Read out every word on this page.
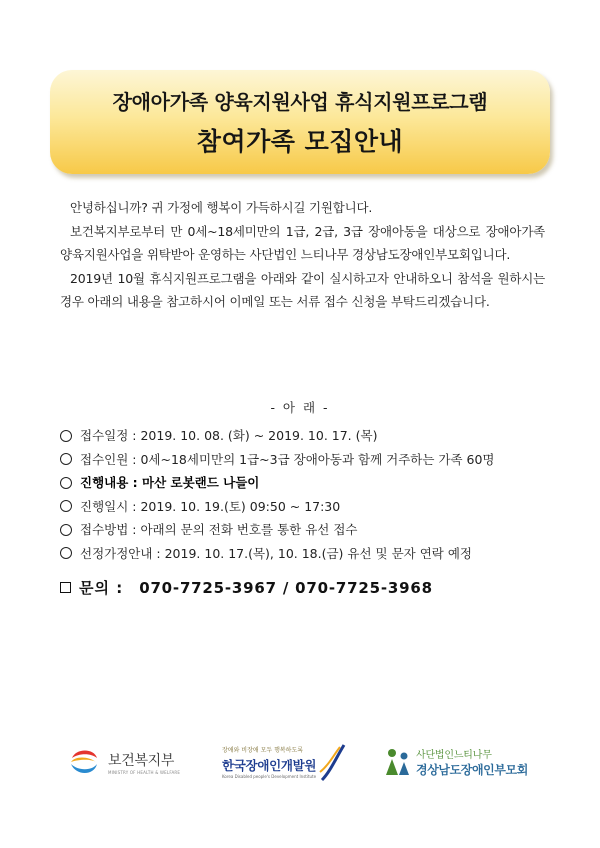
장애아가족 양육지원사업 휴식지원프로그램
참여가족 모집안내

안녕하십니까? 귀 가정에 행복이 가득하시길 기원합니다.

보건복지부로부터 만 0세~18세미만의 1급, 2급, 3급 장애아동을 대상으로 장애아가족 양육지원사업을 위탁받아 운영하는 사단법인 느티나무 경상남도장애인부모회입니다.

2019년 10월 휴식지원프로그램을 아래와 같이 실시하고자 안내하오니 참석을 원하시는 경우 아래의 내용을 참고하시어 이메일 또는 서류 접수 신청을 부탁드리겠습니다.

- 아 래 -
접수일정 : 2019. 10. 08. (화) ~ 2019. 10. 17. (목)
접수인원 : 0세~18세미만의 1급~3급 장애아동과 함께 거주하는 가족 60명
진행내용 : 마산 로봇랜드 나들이
진행일시 : 2019. 10. 19.(토) 09:50 ~ 17:30
접수방법 : 아래의 문의 전화 번호를 통한 유선 접수
선정가정안내 : 2019. 10. 17.(목), 10. 18.(금) 유선 및 문자 연락 예정
문의 : 070-7725-3967 / 070-7725-3968
보건복지부
MINISTRY OF HEALTH & WELFARE
장애와 비장애 모두 행복하도록
한국장애인개발원
Korea Disabled people's Development Institute
사단법인느티나무
경상남도장애인부모회
